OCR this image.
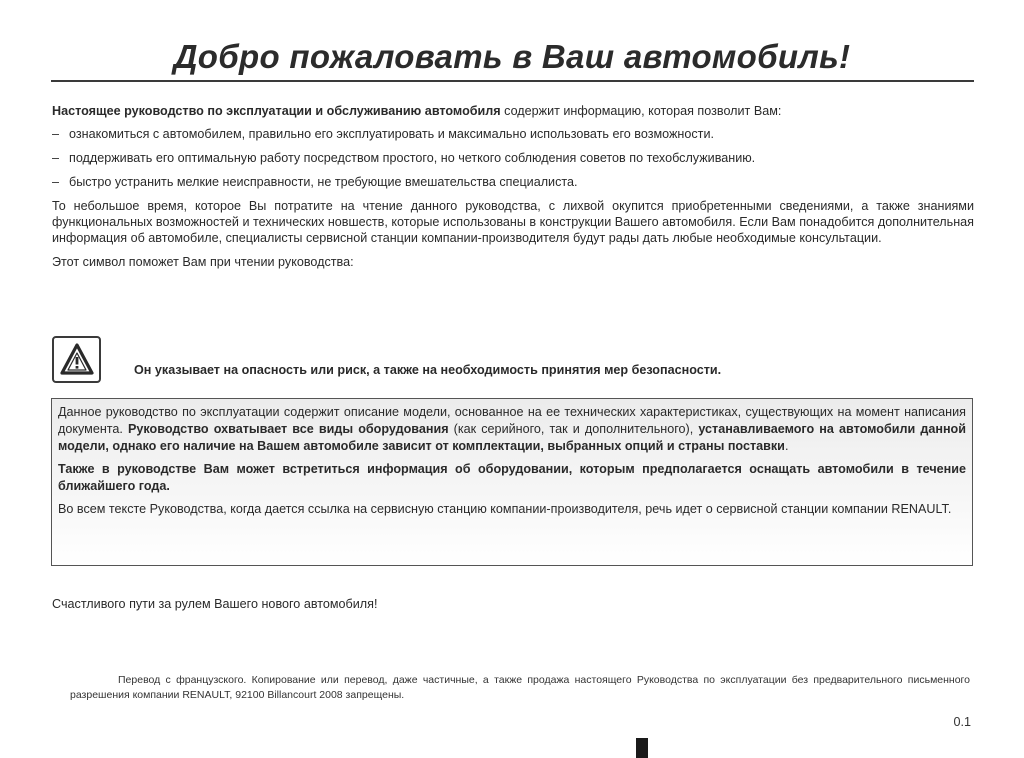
Добро пожаловать в Ваш автомобиль!

Настоящее руководство по эксплуатации и обслуживанию автомобиля содержит информацию, которая позволит Вам:

– ознакомиться с автомобилем, правильно его эксплуатировать и максимально использовать его возможности.

– поддерживать его оптимальную работу посредством простого, но четкого соблюдения советов по техобслуживанию.

– быстро устранить мелкие неисправности, не требующие вмешательства специалиста.

То небольшое время, которое Вы потратите на чтение данного руководства, с лихвой окупится приобретенными сведениями, а также знаниями функциональных возможностей и технических новшеств, которые использованы в конструкции Вашего автомобиля. Если Вам понадобится дополнительная информация об автомобиле, специалисты сервисной станции компании-производителя будут рады дать любые необходимые консультации.

Этот символ поможет Вам при чтении руководства:

Он указывает на опасность или риск, а также на необходимость принятия мер безопасности.

Данное руководство по эксплуатации содержит описание модели, основанное на ее технических характеристиках, существующих на момент написания документа. Руководство охватывает все виды оборудования (как серийного, так и дополнительного), устанавливаемого на автомобили данной модели, однако его наличие на Вашем автомобиле зависит от комплектации, выбранных опций и страны поставки.

Также в руководстве Вам может встретиться информация об оборудовании, которым предполагается оснащать автомобили в течение ближайшего года.

Во всем тексте Руководства, когда дается ссылка на сервисную станцию компании-производителя, речь идет о сервисной станции компании RENAULT.

Счастливого пути за рулем Вашего нового автомобиля!
Перевод с французского. Копирование или перевод, даже частичные, а также продажа настоящего Руководства по эксплуатации без предварительного письменного разрешения компании RENAULT, 92100 Billancourt 2008 запрещены.
0.1
